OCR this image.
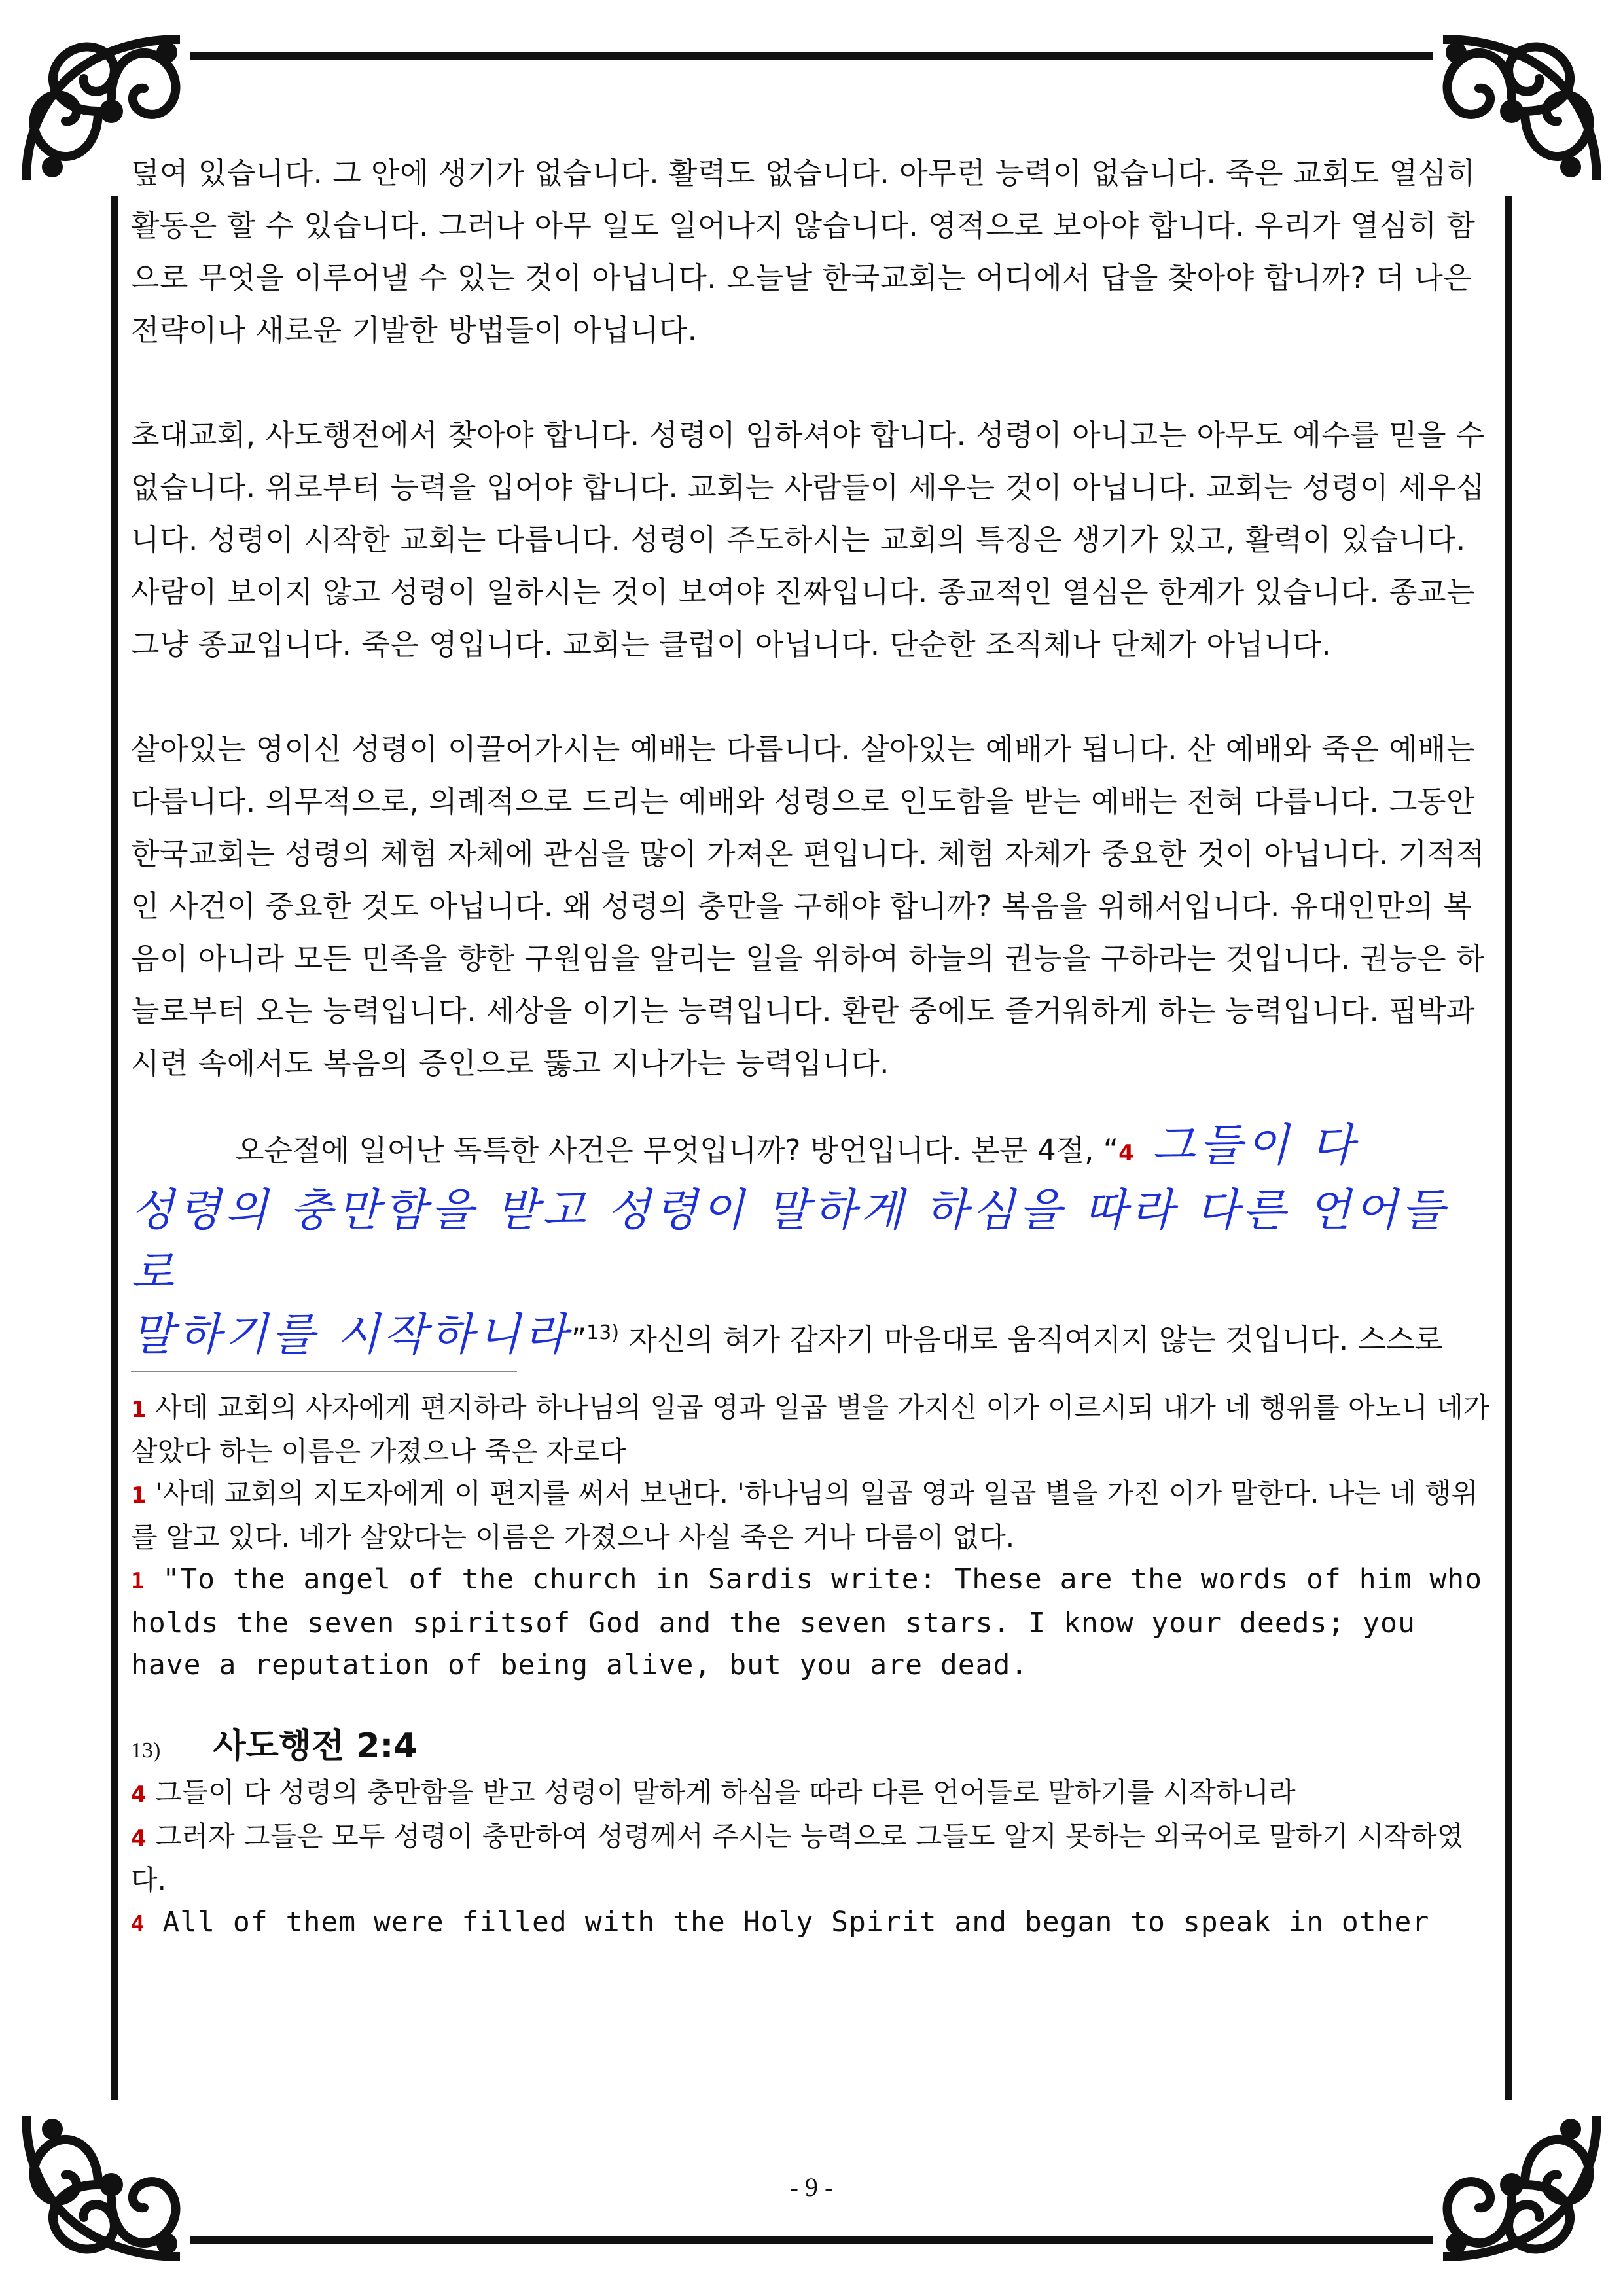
덮여 있습니다. 그 안에 생기가 없습니다. 활력도 없습니다. 아무런 능력이 없습니다. 죽은 교회도 열심히 활동은 할 수 있습니다. 그러나 아무 일도 일어나지 않습니다. 영적으로 보아야 합니다. 우리가 열심히 함으로 무엇을 이루어낼 수 있는 것이 아닙니다. 오늘날 한국교회는 어디에서 답을 찾아야 합니까? 더 나은 전략이나 새로운 기발한 방법들이 아닙니다.

초대교회, 사도행전에서 찾아야 합니다. 성령이 임하셔야 합니다. 성령이 아니고는 아무도 예수를 믿을 수 없습니다. 위로부터 능력을 입어야 합니다. 교회는 사람들이 세우는 것이 아닙니다. 교회는 성령이 세우십니다. 성령이 시작한 교회는 다릅니다. 성령이 주도하시는 교회의 특징은 생기가 있고, 활력이 있습니다. 사람이 보이지 않고 성령이 일하시는 것이 보여야 진짜입니다. 종교적인 열심은 한계가 있습니다. 종교는 그냥 종교입니다. 죽은 영입니다. 교회는 클럽이 아닙니다. 단순한 조직체나 단체가 아닙니다.

살아있는 영이신 성령이 이끌어가시는 예배는 다릅니다. 살아있는 예배가 됩니다. 산 예배와 죽은 예배는 다릅니다. 의무적으로, 의례적으로 드리는 예배와 성령으로 인도함을 받는 예배는 전혀 다릅니다. 그동안 한국교회는 성령의 체험 자체에 관심을 많이 가져온 편입니다. 체험 자체가 중요한 것이 아닙니다. 기적적인 사건이 중요한 것도 아닙니다. 왜 성령의 충만을 구해야 합니까? 복음을 위해서입니다. 유대인만의 복음이 아니라 모든 민족을 향한 구원임을 알리는 일을 위하여 하늘의 권능을 구하라는 것입니다. 권능은 하늘로부터 오는 능력입니다. 세상을 이기는 능력입니다. 환란 중에도 즐거워하게 하는 능력입니다. 핍박과 시련 속에서도 복음의 증인으로 뚫고 지나가는 능력입니다.

오순절에 일어난 독특한 사건은 무엇입니까? 방언입니다. 본문 4절, “4 그들이 다
성령의 충만함을 받고 성령이 말하게 하심을 따라 다른 언어들로
말하기를 시작하니라”$^{13)}$ 자신의 혀가 갑자기 마음대로 움직여지지 않는 것입니다. 스스로

1 사데 교회의 사자에게 편지하라 하나님의 일곱 영과 일곱 별을 가지신 이가 이르시되 내가 네 행위를 아노니 네가 살았다 하는 이름은 가졌으나 죽은 자로다

1 '사데 교회의 지도자에게 이 편지를 써서 보낸다. '하나님의 일곱 영과 일곱 별을 가진 이가 말한다. 나는 네 행위를 알고 있다. 네가 살았다는 이름은 가졌으나 사실 죽은 거나 다름이 없다.

1 "To the angel of the church in Sardis write: These are the words of him who holds the seven spiritsof God and the seven stars. I know your deeds; you have a reputation of being alive, but you are dead.

13) 사도행전 2:4

4 그들이 다 성령의 충만함을 받고 성령이 말하게 하심을 따라 다른 언어들로 말하기를 시작하니라

4 그러자 그들은 모두 성령이 충만하여 성령께서 주시는 능력으로 그들도 알지 못하는 외국어로 말하기 시작하였다.

4 All of them were filled with the Holy Spirit and began to speak in other

- 9 -
